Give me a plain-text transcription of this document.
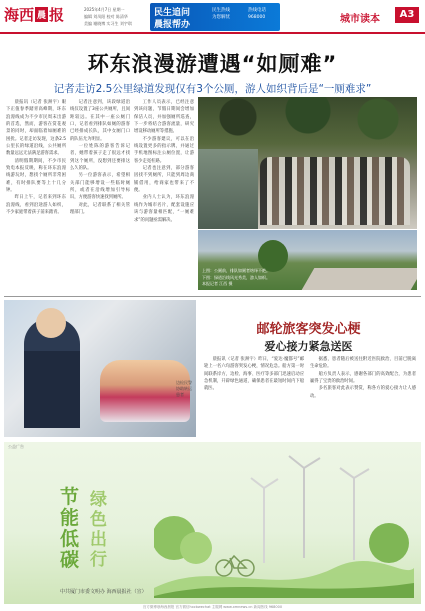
海西 晨 报	2025年4月7日 星期一
编辑 刘凤阳 校对 陈清华
美编 谢晓博 实习生 刘宇琪
民生追问
晨报帮办
民生热线
为您解忧
热线电话
968000	城市读本	A3
环东浪漫游遭遇“如厕难”
记者走访2.5公里绿道发现仅有3个公厕，游人如织背后是“一厕难求”

晨报讯（记者 张洲宇）眼下正值春季踏青高峰期，环东浪漫线成为不少市民周末出游的首选，然而，游客在赏花观景的同时，却面临着如厕难的困扰。记者走访发现，这条2.5公里长的绿道沿线，公共厕所数量远远无法满足游客需求。

清明假期期间，不少市民致电本报反映，称在环东浪漫线游玩时，想找个厕所非常困难，有时排队要等上十几分钟。

昨日上午，记者来到环东浪漫线，看到沿途游人如织，不少家庭带着孩子前来踏青。

记者注意到，该段绿道沿线仅设置了3座公共厕所，且间距较远。在其中一座公厕门口，记者看到排队如厕的游客已经排成长队，其中女厕门口的队伍尤为明显。

一位姓陈的游客告诉记者，她带着孩子走了很远才找到这个厕所，没想到还要排这么久的队。

另一位游客表示，希望相关部门能够增设一些临时厕所，或者在沿线增加引导标识，方便游客快速找到厕所。

对此，记者联系了相关管理部门。

工作人员表示，已经注意到该问题，节假日期间会增加保洁人员，并加强厕所巡查，下一步将结合游客流量，研究增设移动厕所等措施。

不少游客建议，可以在沿线设置更多的指示牌，并通过手机地图标注公厕位置，让游客少走冤枉路。

记者也注意到，部分游客因找不到厕所，只能到周边商铺借用，给商家也带来了不便。

业内人士认为，环东浪漫线作为城市名片，配套设施应该与游客量相匹配，“一厕难求”的问题亟需解决。

上图：公厕前，排队如厕者络绎不绝。
下图：绿道沿线风光秀美，游人如织。
本报记者 江西 摄
边检民警协助转运患者
邮轮旅客突发心梗
爱心接力紧急送医

晨报讯（记者 张洲宇）昨日，“爱达·魔都号”邮轮上一名六旬游客突发心梗，情况危急。船方第一时间联系岸方，边检、海事、医疗等多部门迅速启动应急机制，开辟绿色通道，确保患者在最短时间内下船就医。

据悉，患者随后被送往附近医院救治，目前已脱离生命危险。

船方负责人表示，感谢各部门的高效配合，为患者赢得了宝贵的救治时间。

多名旅客对此表示赞赏，称各方的爱心接力让人感动。

公益广告
节
能
低
碳
绿
色
出
行
中共厦门市委文明办 海西晨报社（宣）
官方微博@海西晨报 官方微信hxcbwechat 主服网 www.xmnews.cn 新闻热线 968000
